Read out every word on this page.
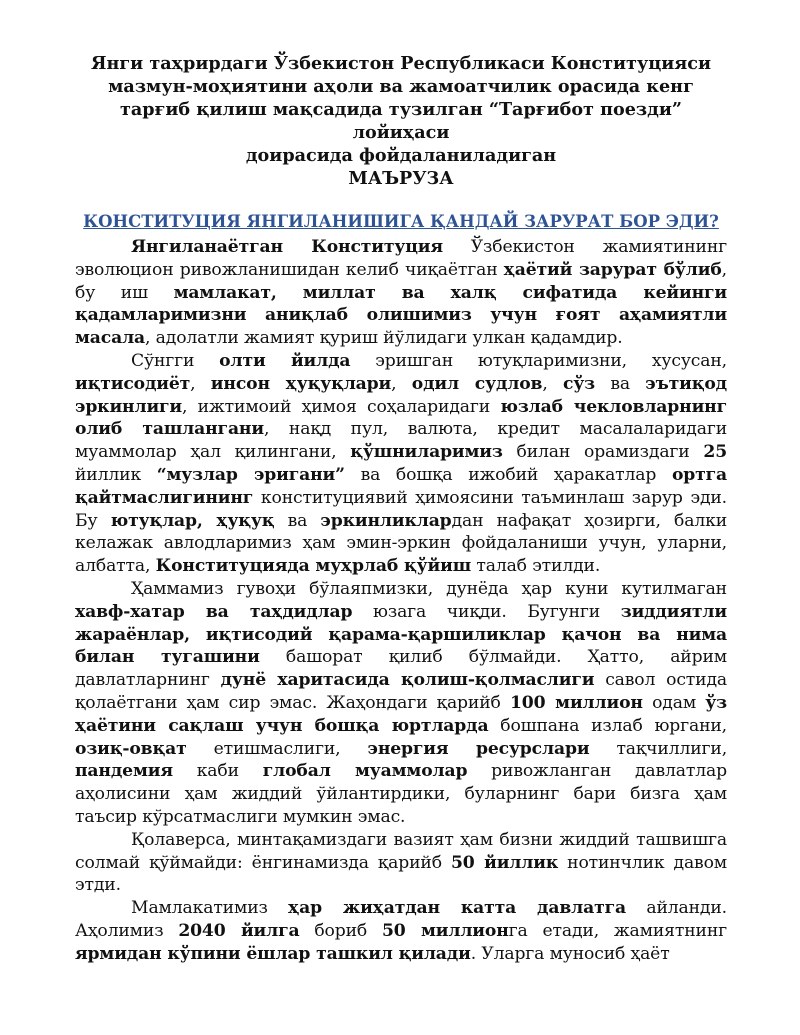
Янги таҳрирдаги Ўзбекистон Республикаси Конституцияси
мазмун-моҳиятини аҳоли ва жамоатчилик орасида кенг
тарғиб қилиш мақсадида тузилган “Тарғибот поезди” лойиҳаси
доирасида фойдаланиладиган
МАЪРУЗА
КОНСТИТУЦИЯ ЯНГИЛАНИШИГА ҚАНДАЙ ЗАРУРАТ БОР ЭДИ?

Янгиланаётган Конституция Ўзбекистон жамиятининг эволюцион ривожланишидан келиб чиқаётган ҳаётий зарурат бўлиб, бу иш мамлакат, миллат ва халқ сифатида кейинги қадамларимизни аниқлаб олишимиз учун ғоят аҳамиятли масала, адолатли жамият қуриш йўлидаги улкан қадамдир.

Сўнгги олти йилда эришган ютуқларимизни, хусусан, иқтисодиёт, инсон ҳуқуқлари, одил судлов, сўз ва эътиқод эркинлиги, ижтимоий ҳимоя соҳаларидаги юзлаб чекловларнинг олиб ташлангани, нақд пул, валюта, кредит масалаларидаги муаммолар ҳал қилингани, қўшниларимиз билан орамиздаги 25 йиллик “музлар эригани” ва бошқа ижобий ҳаракатлар ортга қайтмаслигининг конституциявий ҳимоясини таъминлаш зарур эди. Бу ютуқлар, ҳуқуқ ва эркинликлардан нафақат ҳозирги, балки келажак авлодларимиз ҳам эмин-эркин фойдаланиши учун, уларни, албатта, Конституцияда муҳрлаб қўйиш талаб этилди.

Ҳаммамиз гувоҳи бўлаяпмизки, дунёда ҳар куни кутилмаган хавф-хатар ва таҳдидлар юзага чиқди. Бугунги зиддиятли жараёнлар, иқтисодий қарама-қаршиликлар қачон ва нима билан тугашини башорат қилиб бўлмайди. Ҳатто, айрим давлатларнинг дунё харитасида қолиш-қолмаслиги савол остида қолаётгани ҳам сир эмас. Жаҳондаги қарийб 100 миллион одам ўз ҳаётини сақлаш учун бошқа юртларда бошпана излаб юргани, озиқ-овқат етишмаслиги, энергия ресурслари тақчиллиги, пандемия каби глобал муаммолар ривожланган давлатлар аҳолисини ҳам жиддий ўйлантирдики, буларнинг бари бизга ҳам таъсир кўрсатмаслиги мумкин эмас.

Қолаверса, минтақамиздаги вазият ҳам бизни жиддий ташвишга солмай қўймайди: ёнгинамизда қарийб 50 йиллик нотинчлик давом этди.

Мамлакатимиз ҳар жиҳатдан катта давлатга айланди. Аҳолимиз 2040 йилга бориб 50 миллионга етади, жамиятнинг ярмидан кўпини ёшлар ташкил қилади. Уларга муносиб ҳаёт
